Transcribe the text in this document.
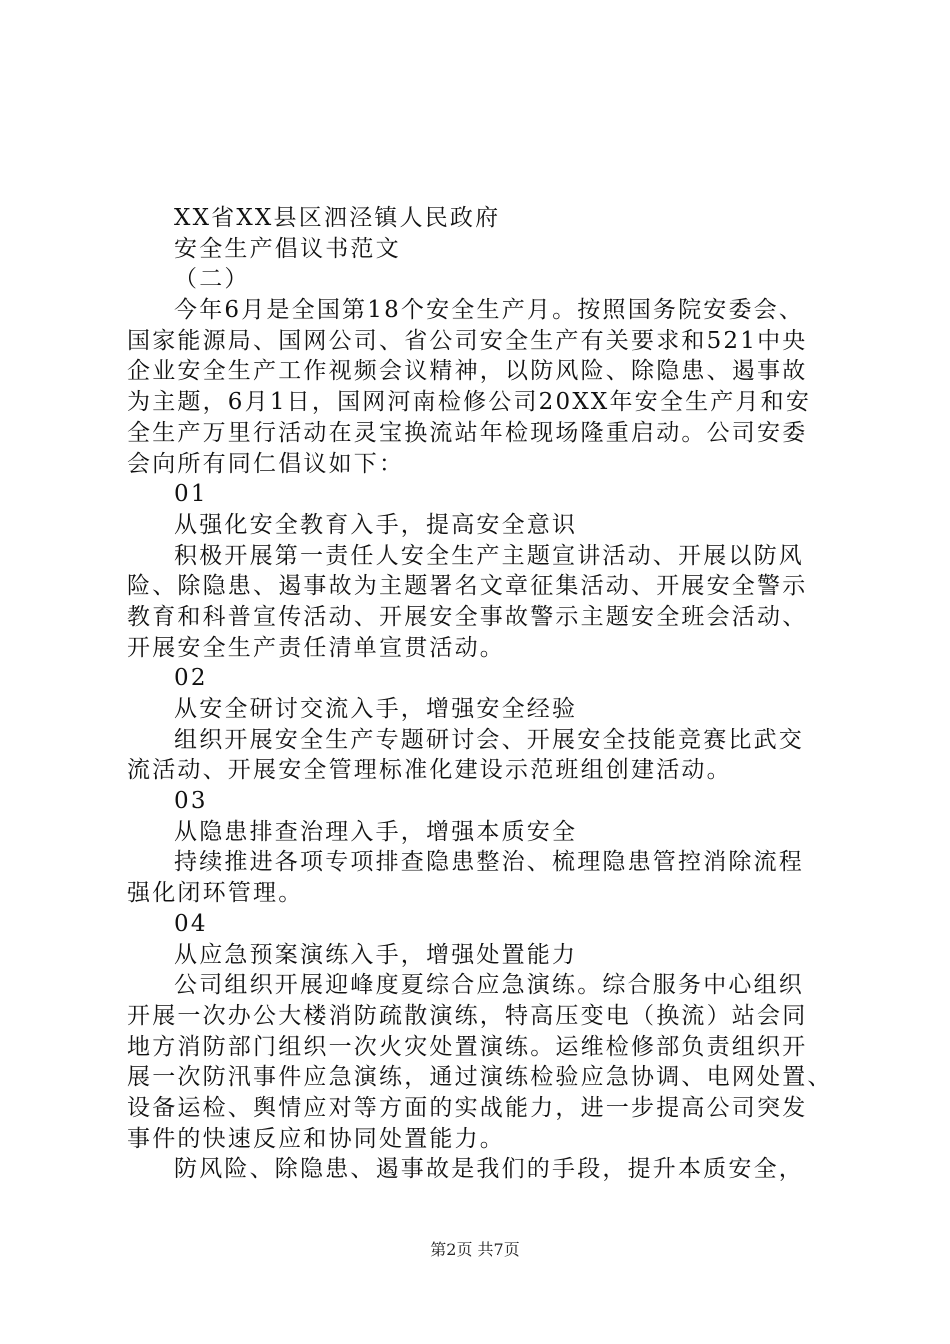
XX省XX县区泗泾镇人民政府
安全生产倡议书范文
（二）
今年6月是全国第18个安全生产月。按照国务院安委会、
国家能源局、国网公司、省公司安全生产有关要求和521中央
企业安全生产工作视频会议精神，以防风险、除隐患、遏事故
为主题，6月1日，国网河南检修公司20XX年安全生产月和安
全生产万里行活动在灵宝换流站年检现场隆重启动。公司安委
会向所有同仁倡议如下：
01
从强化安全教育入手，提高安全意识
积极开展第一责任人安全生产主题宣讲活动、开展以防风
险、除隐患、遏事故为主题署名文章征集活动、开展安全警示
教育和科普宣传活动、开展安全事故警示主题安全班会活动、
开展安全生产责任清单宣贯活动。
02
从安全研讨交流入手，增强安全经验
组织开展安全生产专题研讨会、开展安全技能竞赛比武交
流活动、开展安全管理标准化建设示范班组创建活动。
03
从隐患排查治理入手，增强本质安全
持续推进各项专项排查隐患整治、梳理隐患管控消除流程
强化闭环管理。
04
从应急预案演练入手，增强处置能力
公司组织开展迎峰度夏综合应急演练。综合服务中心组织
开展一次办公大楼消防疏散演练，特高压变电（换流）站会同
地方消防部门组织一次火灾处置演练。运维检修部负责组织开
展一次防汛事件应急演练，通过演练检验应急协调、电网处置、
设备运检、舆情应对等方面的实战能力，进一步提高公司突发
事件的快速反应和协同处置能力。
防风险、除隐患、遏事故是我们的手段，提升本质安全，
第2页 共7页
